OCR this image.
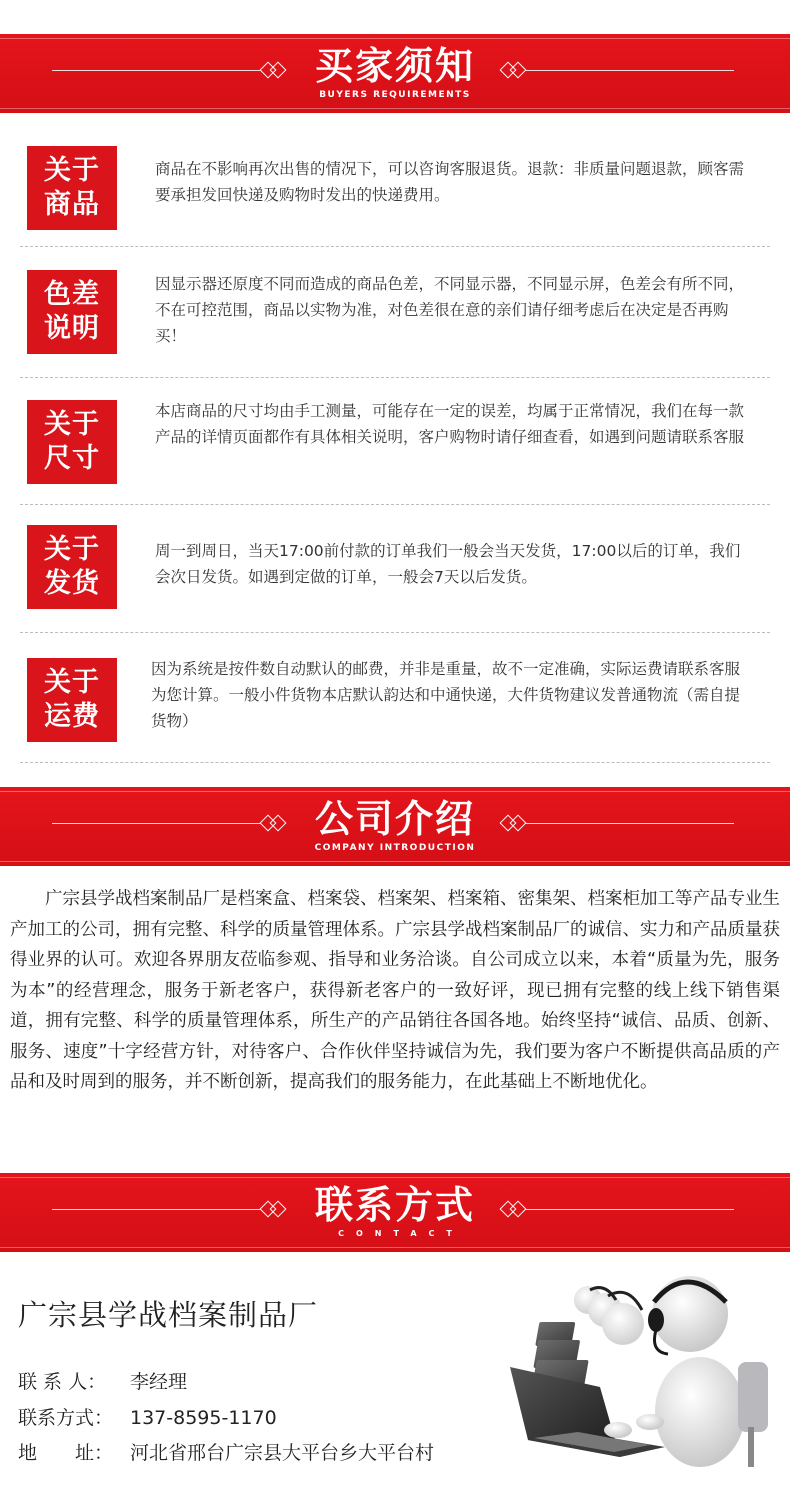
买家须知
BUYERS REQUIREMENTS
关于
商品
商品在不影响再次出售的情况下，可以咨询客服退货。退款：非质量问题退款，顾客需要承担发回快递及购物时发出的快递费用。
色差
说明
因显示器还原度不同而造成的商品色差，不同显示器，不同显示屏，色差会有所不同，不在可控范围，商品以实物为准，对色差很在意的亲们请仔细考虑后在决定是否再购买！
关于
尺寸
本店商品的尺寸均由手工测量，可能存在一定的误差，均属于正常情况，我们在每一款产品的详情页面都作有具体相关说明，客户购物时请仔细查看，如遇到问题请联系客服
关于
发货
周一到周日，当天17:00前付款的订单我们一般会当天发货，17:00以后的订单，我们会次日发货。如遇到定做的订单，一般会7天以后发货。
关于
运费
因为系统是按件数自动默认的邮费，并非是重量，故不一定准确，实际运费请联系客服为您计算。一般小件货物本店默认韵达和中通快递，大件货物建议发普通物流（需自提货物）
公司介绍
COMPANY INTRODUCTION
广宗县学战档案制品厂是档案盒、档案袋、档案架、档案箱、密集架、档案柜加工等产品专业生产加工的公司，拥有完整、科学的质量管理体系。广宗县学战档案制品厂的诚信、实力和产品质量获得业界的认可。欢迎各界朋友莅临参观、指导和业务洽谈。自公司成立以来，本着“质量为先，服务为本”的经营理念，服务于新老客户，获得新老客户的一致好评，现已拥有完整的线上线下销售渠道，拥有完整、科学的质量管理体系，所生产的产品销往各国各地。始终坚持“诚信、品质、创新、服务、速度”十字经营方针，对待客户、合作伙伴坚持诚信为先，我们要为客户不断提供高品质的产品和及时周到的服务，并不断创新，提高我们的服务能力，在此基础上不断地优化。
联系方式
CONTACT
广宗县学战档案制品厂
联 系 人： 李经理
联系方式： 137-8595-1170
地　　址： 河北省邢台广宗县大平台乡大平台村
